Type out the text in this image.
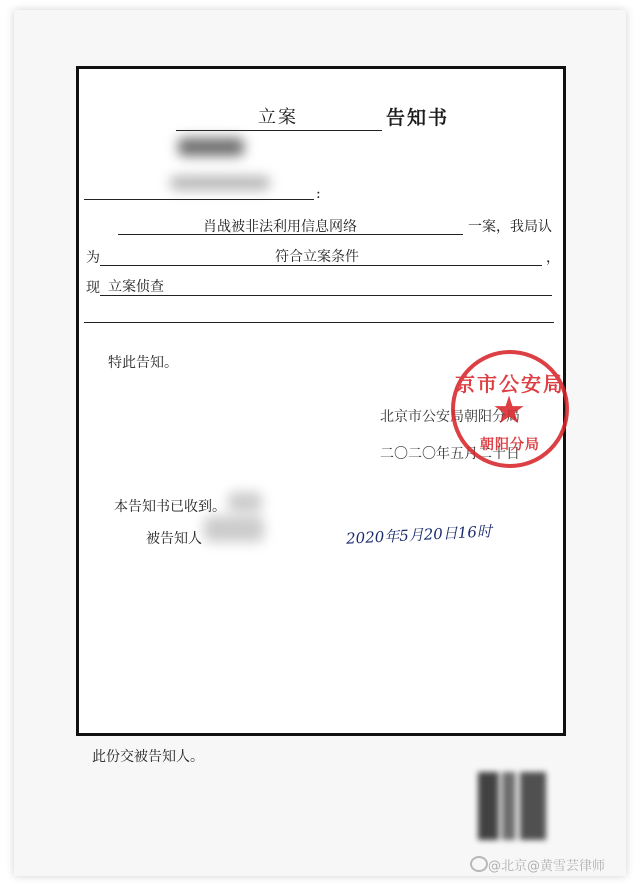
立案	告知书
:
肖战被非法利用信息网络	一案，我局认
为	符合立案条件	，
现 立案侦查
特此告知。
北京市公安局朝阳分局
二〇二〇年五月二十日
京市公安局
★
朝阳分局
本告知书已收到。
被告知人	2020年5月20日16时
此份交被告知人。
@北京@黄雪芸律师
